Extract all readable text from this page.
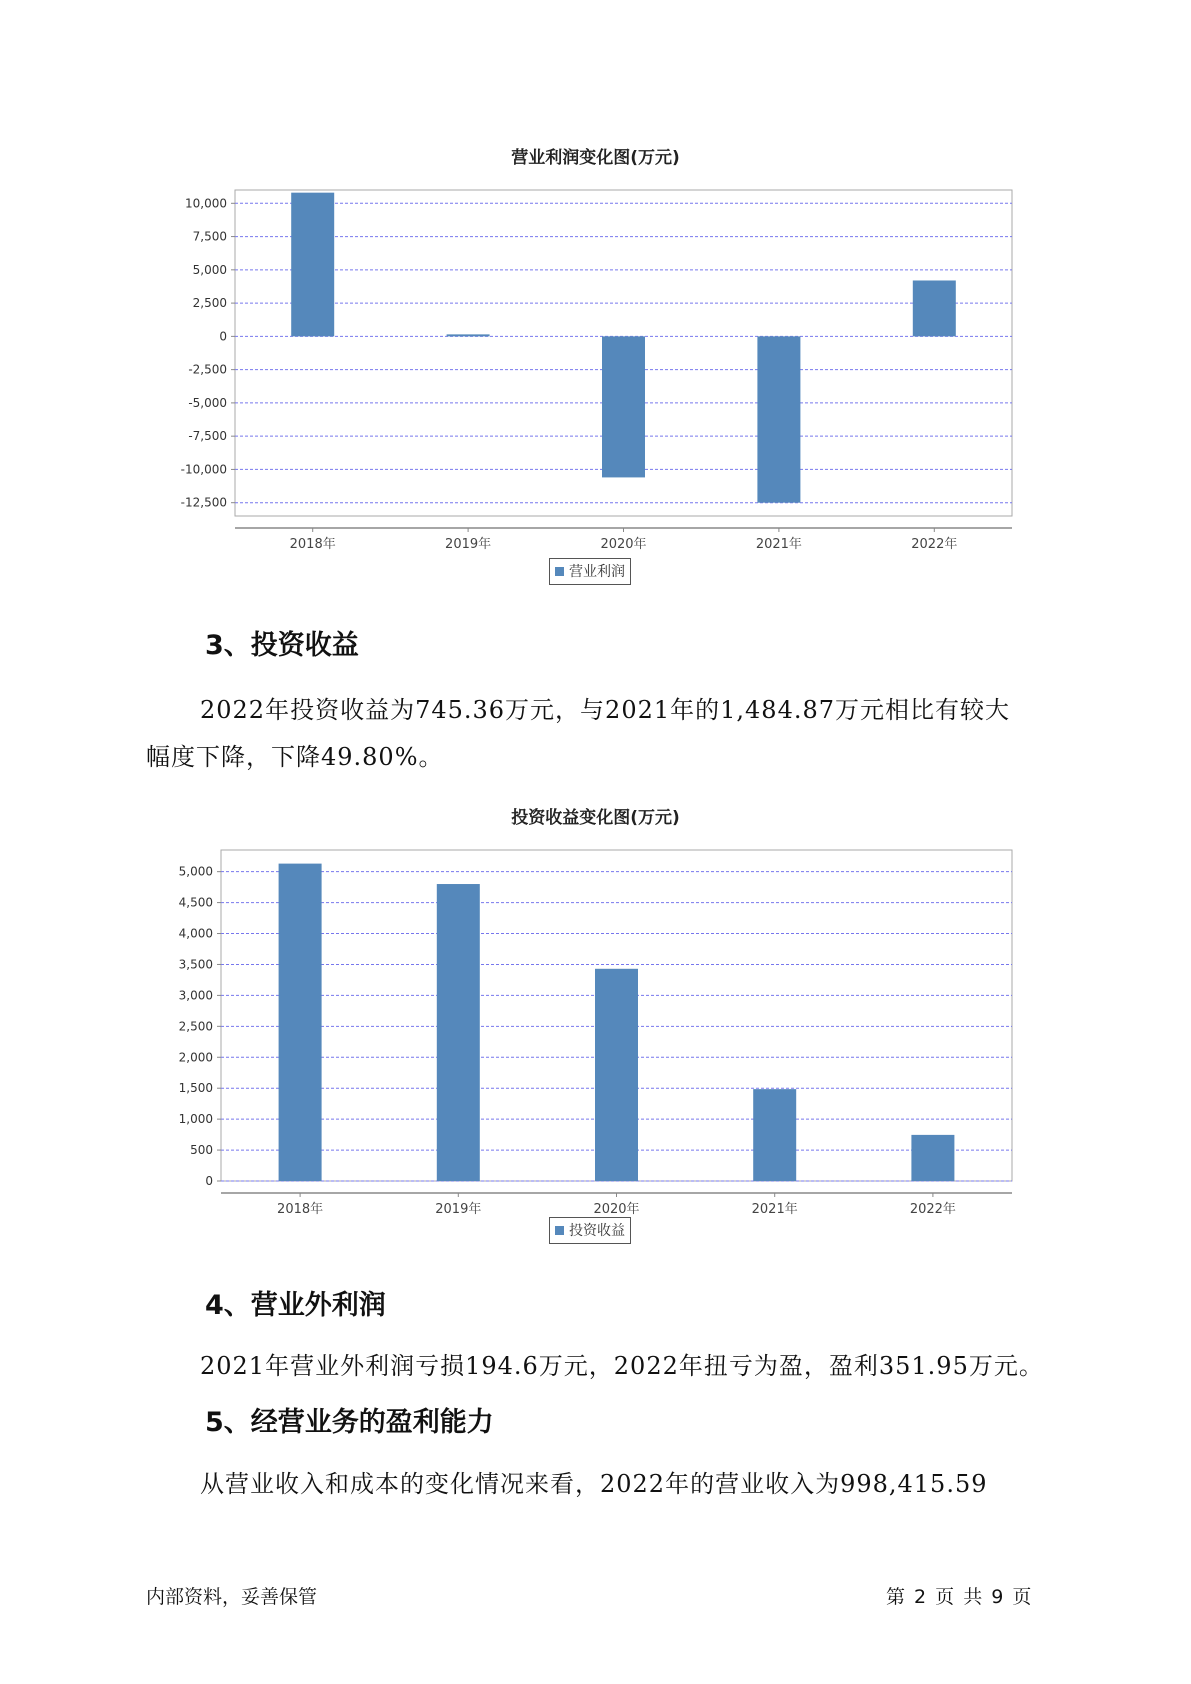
营业利润变化图(万元)
10,000
7,500
5,000
2,500
0
-2,500
-5,000
-7,500
-10,000
-12,500
2018年	2019年	2020年	2021年	2022年
营业利润
3、投资收益
2022年投资收益为745.36万元，与2021年的1,484.87万元相比有较大
幅度下降，下降49.80%。
投资收益变化图(万元)
5,000
4,500
4,000
3,500
3,000
2,500
2,000
1,500
1,000
500
0
2018年	2019年	2020年	2021年	2022年
投资收益
4、营业外利润
2021年营业外利润亏损194.6万元，2022年扭亏为盈，盈利351.95万元。
5、经营业务的盈利能力
从营业收入和成本的变化情况来看，2022年的营业收入为998,415.59
内部资料，妥善保管	第 2 页 共 9 页
